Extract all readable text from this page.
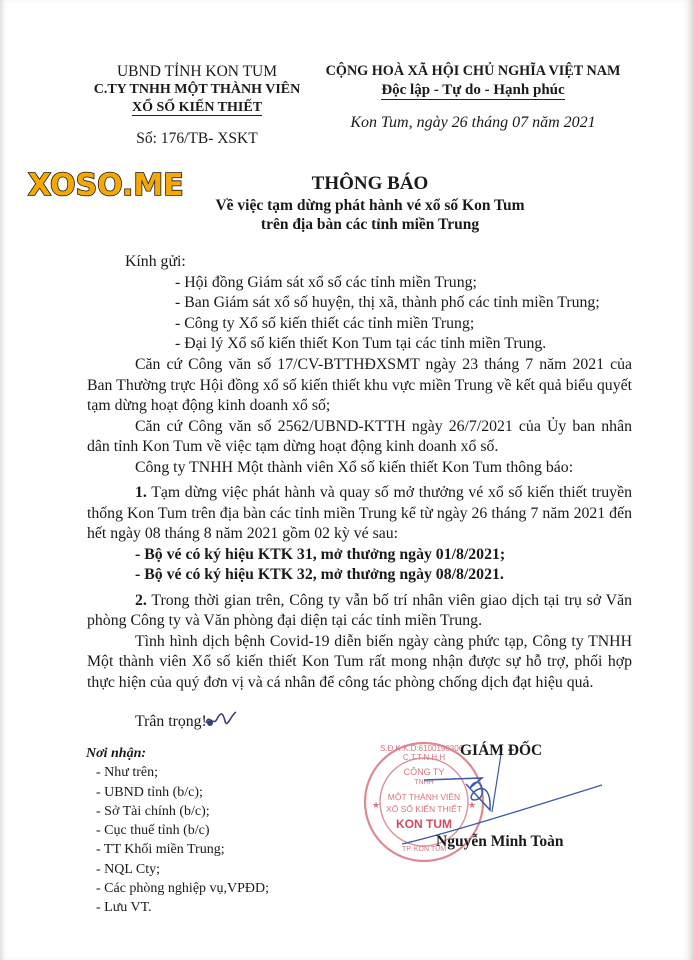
UBND TỈNH KON TUM
C.TY TNHH MỘT THÀNH VIÊN
XỔ SỐ KIẾN THIẾT
Số: 176/TB- XSKT
CỘNG HOÀ XÃ HỘI CHỦ NGHĨA VIỆT NAM
Độc lập - Tự do - Hạnh phúc
Kon Tum, ngày 26 tháng 07 năm 2021
XOSO.ME	THÔNG BÁO
Về việc tạm dừng phát hành vé xổ số Kon Tum
trên địa bàn các tỉnh miền Trung
Kính gửi:
- Hội đồng Giám sát xổ số các tỉnh miền Trung;
- Ban Giám sát xổ số huyện, thị xã, thành phố các tỉnh miền Trung;
- Công ty Xổ số kiến thiết các tỉnh miền Trung;
- Đại lý Xổ số kiến thiết Kon Tum tại các tỉnh miền Trung.

Căn cứ Công văn số 17/CV-BTTHĐXSMT ngày 23 tháng 7 năm 2021 của Ban Thường trực Hội đồng xổ số kiến thiết khu vực miền Trung về kết quả biểu quyết tạm dừng hoạt động kinh doanh xổ số;

Căn cứ Công văn số 2562/UBND-KTTH ngày 26/7/2021 của Ủy ban nhân dân tỉnh Kon Tum về việc tạm dừng hoạt động kinh doanh xổ số.

Công ty TNHH Một thành viên Xổ số kiến thiết Kon Tum thông báo:

1. Tạm dừng việc phát hành và quay số mở thưởng vé xổ số kiến thiết truyền thống Kon Tum trên địa bàn các tỉnh miền Trung kể từ ngày 26 tháng 7 năm 2021 đến hết ngày 08 tháng 8 năm 2021 gồm 02 kỳ vé sau:

- Bộ vé có ký hiệu KTK 31, mở thưởng ngày 01/8/2021;

- Bộ vé có ký hiệu KTK 32, mở thưởng ngày 08/8/2021.

2. Trong thời gian trên, Công ty vẫn bố trí nhân viên giao dịch tại trụ sở Văn phòng Công ty và Văn phòng đại diện tại các tỉnh miền Trung.

Tình hình dịch bệnh Covid-19 diễn biến ngày càng phức tạp, Công ty TNHH Một thành viên Xổ số kiến thiết Kon Tum rất mong nhận được sự hỗ trợ, phối hợp thực hiện của quý đơn vị và cá nhân để công tác phòng chống dịch đạt hiệu quả.

Trân trọng!
Nơi nhận:
- Như trên;
- UBND tỉnh (b/c);
- Sở Tài chính (b/c);
- Cục thuế tỉnh (b/c)
- TT Khối miền Trung;
- NQL Cty;
- Các phòng nghiệp vụ,VPĐD;
- Lưu VT.
★	★
S.Đ.K.K.D:6100190306 · C.T.T.N.H.H
CÔNG TY
TNHH
MỘT THÀNH VIÊN
XỔ SỐ KIẾN THIẾT
KON TUM
TP. KON TUM
GIÁM ĐỐC
Nguyễn Minh Toàn
